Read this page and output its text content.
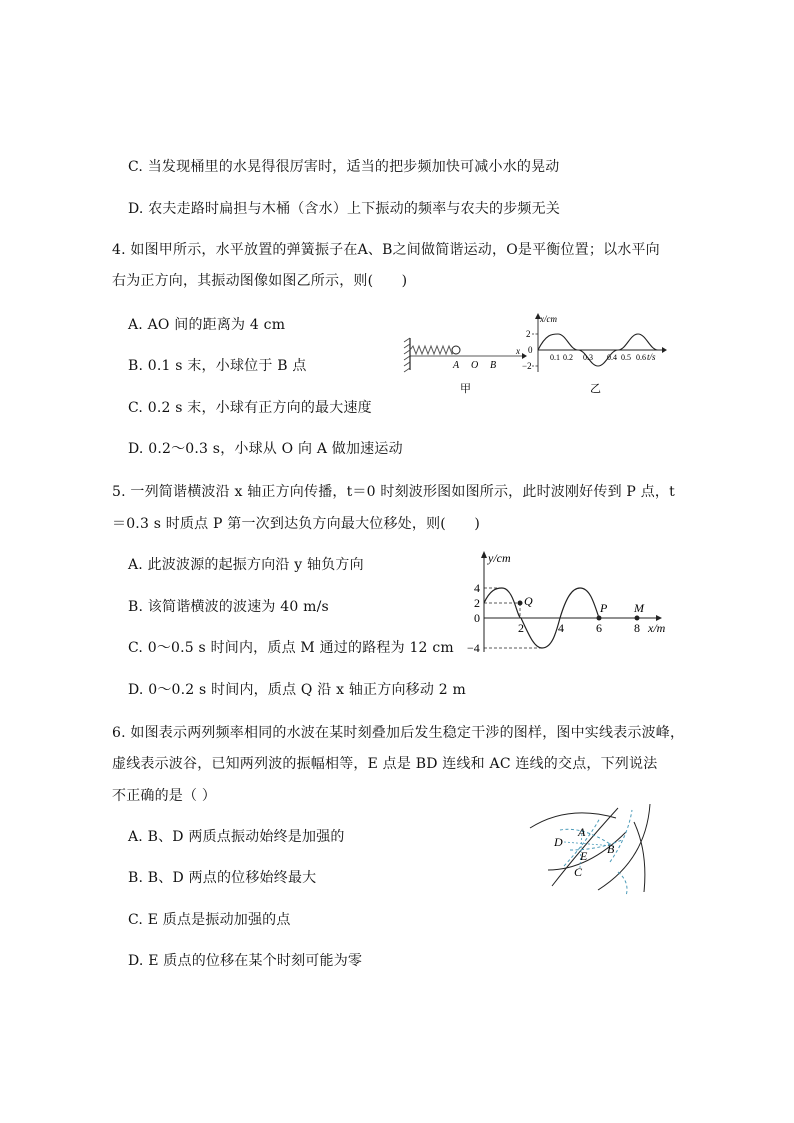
C. 当发现桶里的水晃得很厉害时，适当的把步频加快可减小水的晃动
D. 农夫走路时扁担与木桶（含水）上下振动的频率与农夫的步频无关
4. 如图甲所示，水平放置的弹簧振子在A、B之间做简谐运动，O是平衡位置；以水平向
右为正方向，其振动图像如图乙所示，则(　　)
A. AO 间的距离为 4 cm
B. 0.1 s 末，小球位于 B 点
C. 0.2 s 末，小球有正方向的最大速度
D. 0.2～0.3 s，小球从 O 向 A 做加速运动
A O B
x
甲
x/cm
t/s
2
0
−2
0.1 0.2 0.3 0.4 0.5 0.6
乙
5. 一列简谐横波沿 x 轴正方向传播，t＝0 时刻波形图如图所示，此时波刚好传到 P 点，t
＝0.3 s 时质点 P 第一次到达负方向最大位移处，则(　　)
A. 此波波源的起振方向沿 y 轴负方向
B. 该简谐横波的波速为 40 m/s
C. 0～0.5 s 时间内，质点 M 通过的路程为 12 cm
D. 0～0.2 s 时间内，质点 Q 沿 x 轴正方向移动 2 m
y/cm
x/m
4
2
0
−4
2	4	6	8
Q	P M
6. 如图表示两列频率相同的水波在某时刻叠加后发生稳定干涉的图样，图中实线表示波峰，
虚线表示波谷，已知两列波的振幅相等，E 点是 BD 连线和 AC 连线的交点，下列说法
不正确的是（ ）
A. B、D 两质点振动始终是加强的
B. B、D 两点的位移始终最大
C. E 质点是振动加强的点
D. E 质点的位移在某个时刻可能为零
A
B
C
D
E
